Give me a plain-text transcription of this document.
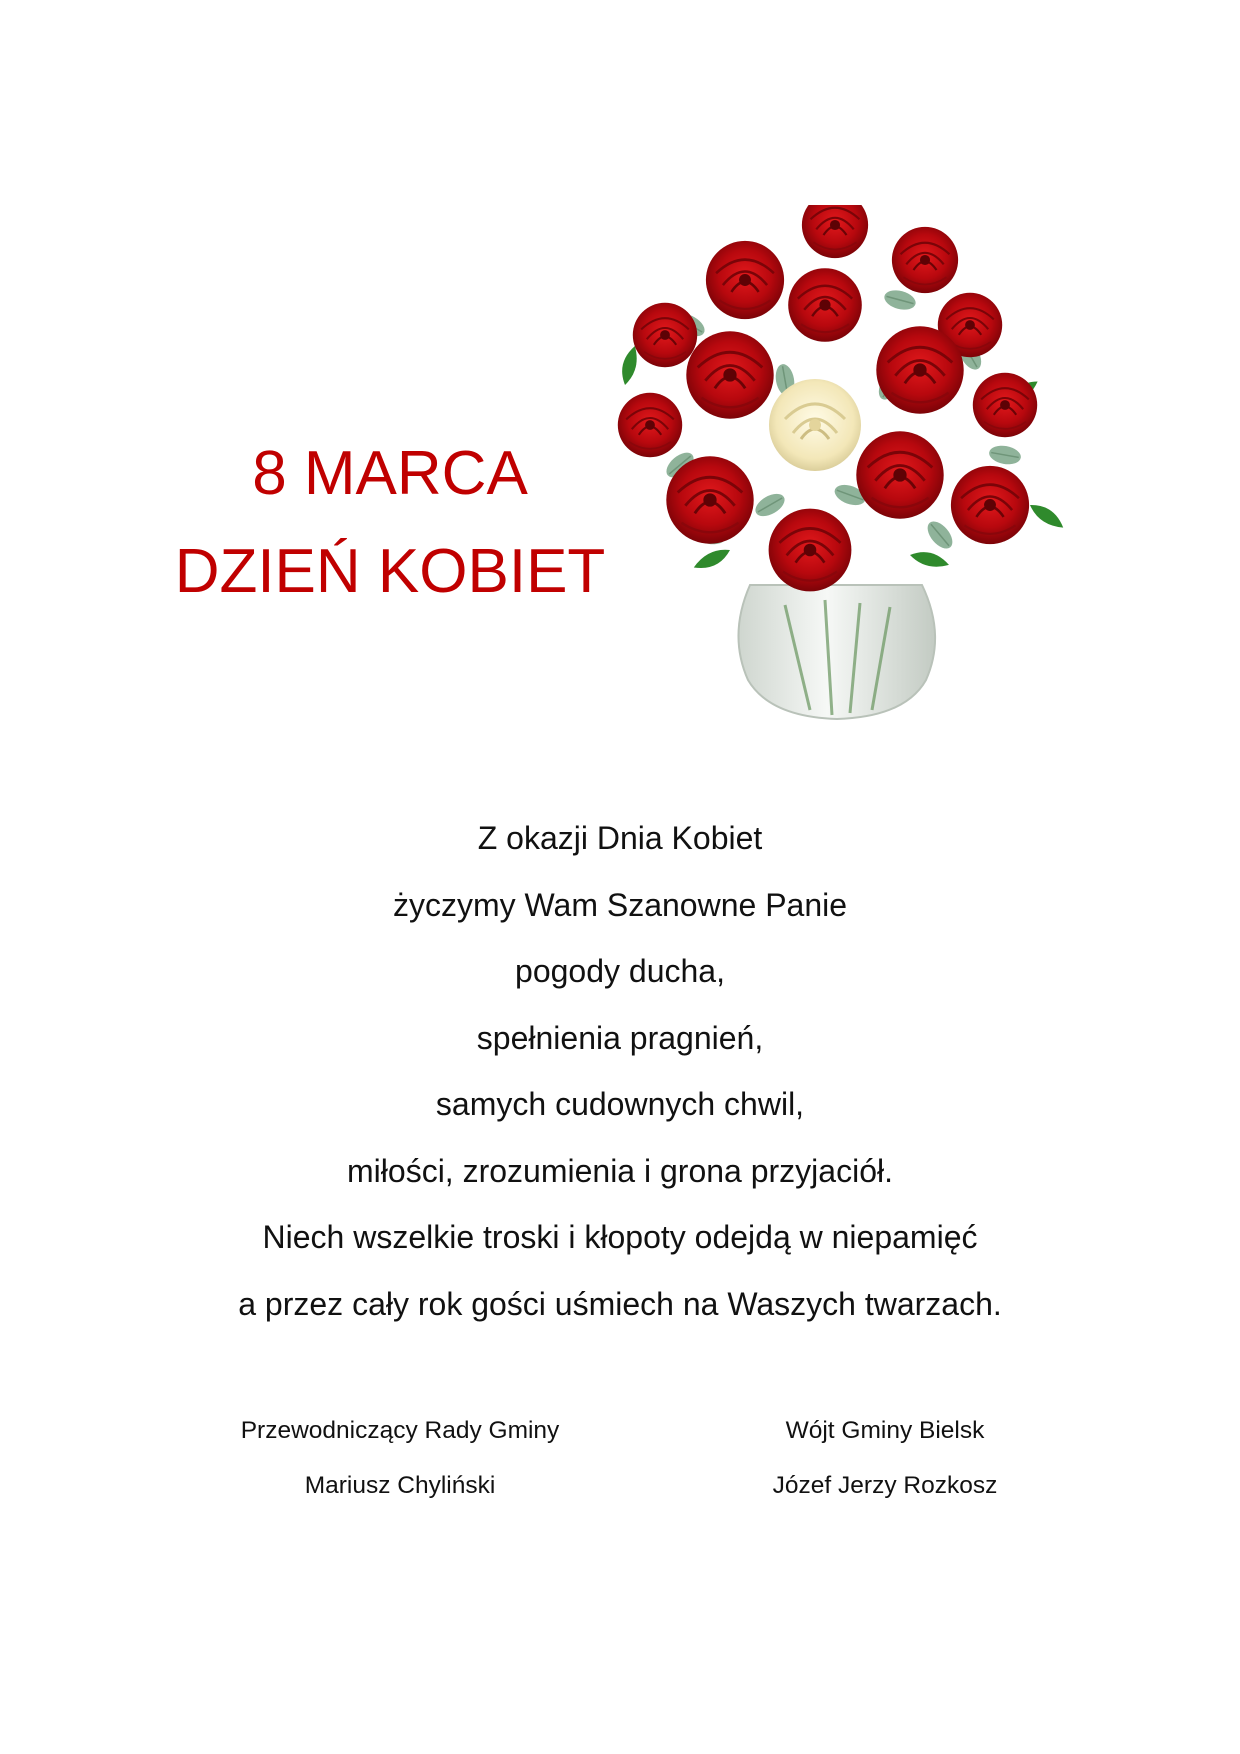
8 MARCA
DZIEŃ KOBIET
Z okazji Dnia Kobiet
życzymy Wam Szanowne Panie
pogody ducha,
spełnienia pragnień,
samych cudownych chwil,
miłości, zrozumienia i grona przyjaciół.
Niech wszelkie troski i kłopoty odejdą w niepamięć
a przez cały rok gości uśmiech na Waszych twarzach.
Przewodniczący Rady Gminy
Mariusz Chyliński
Wójt Gminy Bielsk
Józef Jerzy Rozkosz
